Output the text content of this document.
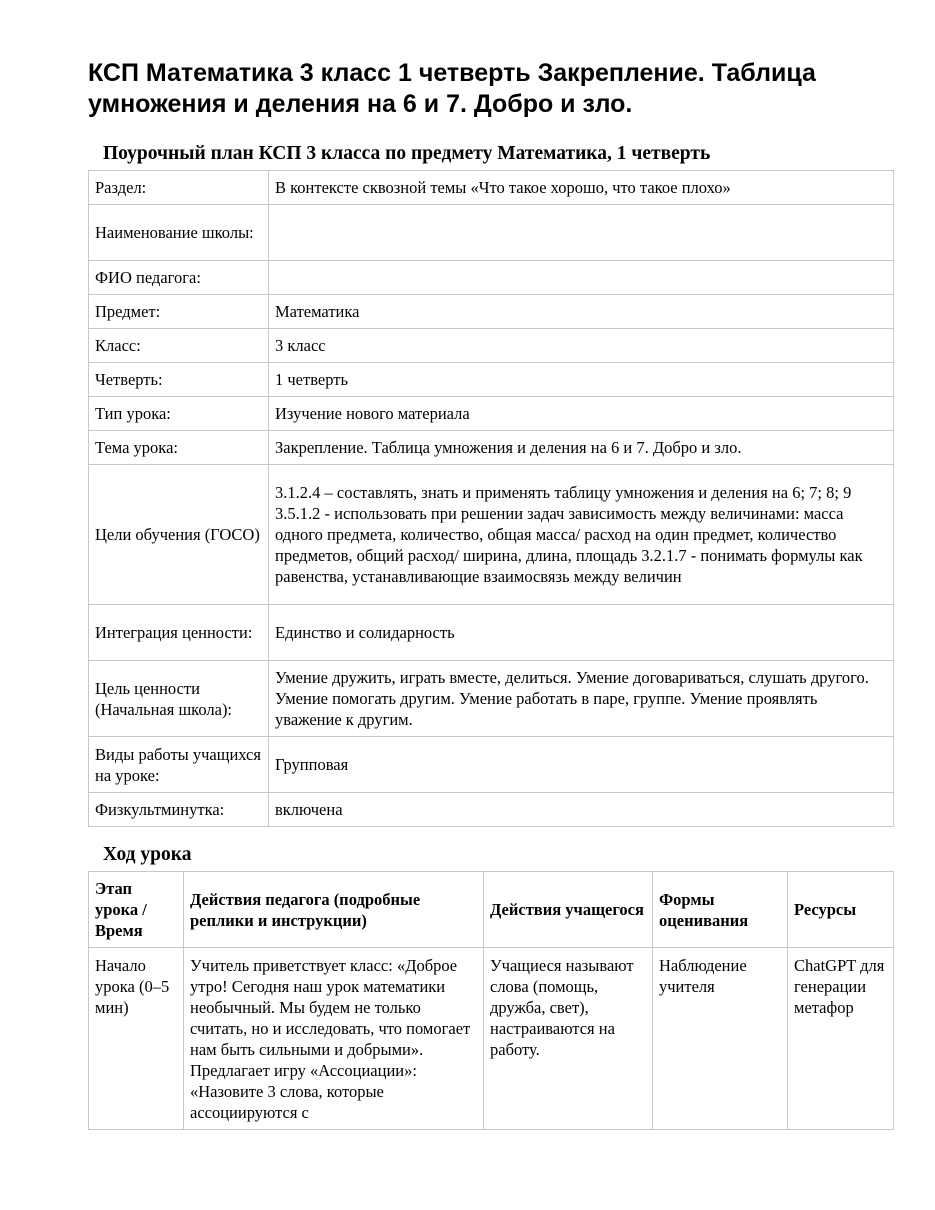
КСП Математика 3 класс 1 четверть Закрепление. Таблица умножения и деления на 6 и 7. Добро и зло.
Поурочный план КСП 3 класса по предмету Математика, 1 четверть
Раздел:	В контексте сквозной темы «Что такое хорошо, что такое плохо»
Наименование школы:	
ФИО педагога:	
Предмет:	Математика
Класс:	3 класс
Четверть:	1 четверть
Тип урока:	Изучение нового материала
Тема урока:	Закрепление. Таблица умножения и деления на 6 и 7. Добро и зло.
Цели обучения (ГОСО)	3.1.2.4 – составлять, знать и применять таблицу умножения и деления на 6; 7; 8; 9 3.5.1.2 - использовать при решении задач зависимость между величинами: масса одного предмета, количество, общая масса/ расход на один предмет, количество предметов, общий расход/ ширина, длина, площадь 3.2.1.7 - понимать формулы как равенства, устанавливающие взаимосвязь между величин
Интеграция ценности:	Единство и солидарность
Цель ценности (Начальная школа):	Умение дружить, играть вместе, делиться. Умение договариваться, слушать другого. Умение помогать другим. Умение работать в паре, группе. Умение проявлять уважение к другим.
Виды работы учащихся на уроке:	Групповая
Физкультминутка:	включена
Ход урока
Этап урока / Время	Действия педагога (подробные реплики и инструкции)	Действия учащегося	Формы оценивания	Ресурсы
Начало урока (0–5 мин)	Учитель приветствует класс: «Доброе утро! Сегодня наш урок математики необычный. Мы будем не только считать, но и исследовать, что помогает нам быть сильными и добрыми». Предлагает игру «Ассоциации»: «Назовите 3 слова, которые ассоциируются с	Учащиеся называют слова (помощь, дружба, свет), настраиваются на работу.	Наблюдение учителя	ChatGPT для генерации метафор
